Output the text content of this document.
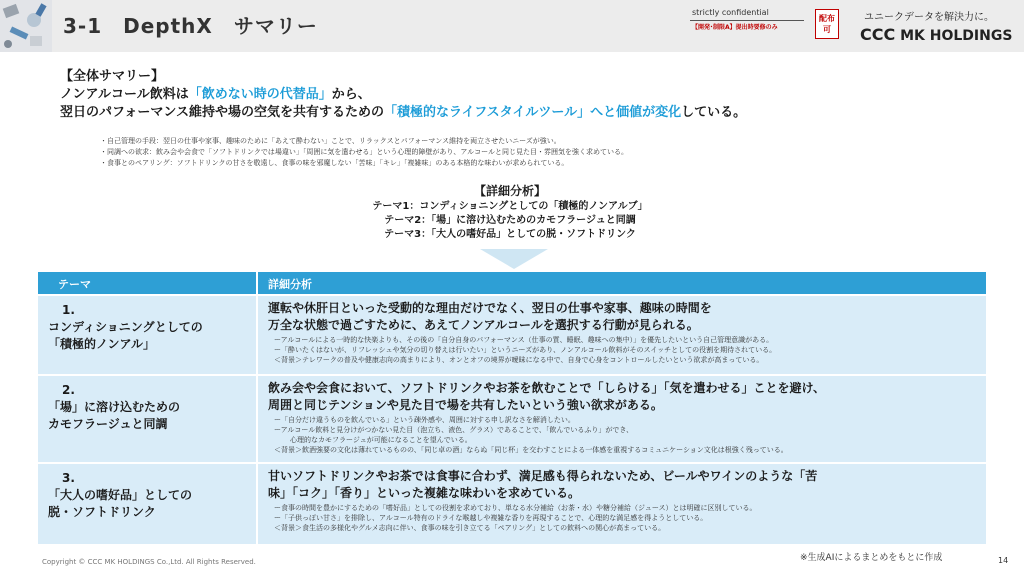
3-1　DepthX　サマリー
strictly confidential
【開発･制限A】提出時要修のみ
配布可
ユニークデータを解決力に。
CCC MK HOLDINGS
【全体サマリー】
ノンアルコール飲料は「飲めない時の代替品」から、
翌日のパフォーマンス維持や場の空気を共有するための「積極的なライフスタイルツール」へと価値が変化している。
・自己管理の手段：翌日の仕事や家事、趣味のために「あえて酔わない」ことで、リラックスとパフォーマンス維持を両立させたいニーズが強い。
・同調への欲求：飲み会や会食で「ソフトドリンクでは場違い」「周囲に気を遣わせる」という心理的障壁があり、アルコールと同じ見た目・雰囲気を強く求めている。
・食事とのペアリング：ソフトドリンクの甘さを敬遠し、食事の味を邪魔しない「苦味」「キレ」「複雑味」のある本格的な味わいが求められている。
【詳細分析】
テーマ1：コンディショニングとしての「積極的ノンアルブ」
テーマ2：「場」に溶け込むためのカモフラージュと同調
テーマ3：「大人の嗜好品」としての脱・ソフトドリンク
テーマ	詳細分析
1.
コンディショニングとしての
「積極的ノンアル」
運転や休肝日といった受動的な理由だけでなく、翌日の仕事や家事、趣味の時間を
万全な状態で過ごすために、あえてノンアルコールを選択する行動が見られる。
ーアルコールによる一時的な快楽よりも、その後の「自分自身のパフォーマンス（仕事の質、睡眠、趣味への集中）」を優先したいという自己管理意識がある。
ー「酔いたくはないが、リフレッシュや気分の切り替えは行いたい」というニーズがあり、ノンアルコール飲料がそのスイッチとしての役割を期待されている。
＜背景＞テレワークの普及や健康志向の高まりにより、オンとオフの境界が曖昧になる中で、自身で心身をコントロールしたいという欲求が高まっている。
2.
「場」に溶け込むための
カモフラージュと同調
飲み会や会食において、ソフトドリンクやお茶を飲むことで「しらける」「気を遣わせる」ことを避け、
周囲と同じテンションや見た目で場を共有したいという強い欲求がある。
ー「自分だけ違うものを飲んでいる」という疎外感や、周囲に対する申し訳なさを解消したい。
ーアルコール飲料と見分けがつかない見た目（泡立ち、液色、グラス）であることで、「飲んでいるふり」ができ、
心理的なカモフラージュが可能になることを望んでいる。
＜背景＞飲酒強要の文化は薄れているものの、「同じ卓の酒」ならぬ「同じ杯」を交わすことによる一体感を重視するコミュニケーション文化は根強く残っている。
3.
「大人の嗜好品」としての
脱・ソフトドリンク
甘いソフトドリンクやお茶では食事に合わず、満足感も得られないため、ビールやワインのような「苦
味」「コク」「香り」といった複雑な味わいを求めている。
ー食事の時間を豊かにするための「嗜好品」としての役割を求めており、単なる水分補給（お茶・水）や糖分補給（ジュース）とは明確に区別している。
ー「子供っぽい甘さ」を排除し、アルコール特有のドライな喉越しや複雑な香りを再現することで、心理的な満足感を得ようとしている。
＜背景＞食生活の多様化やグルメ志向に伴い、食事の味を引き立てる「ペアリング」としての飲料への関心が高まっている。
Copyright © CCC MK HOLDINGS Co.,Ltd. All Rights Reserved.	※生成AIによるまとめをもとに作成	14
